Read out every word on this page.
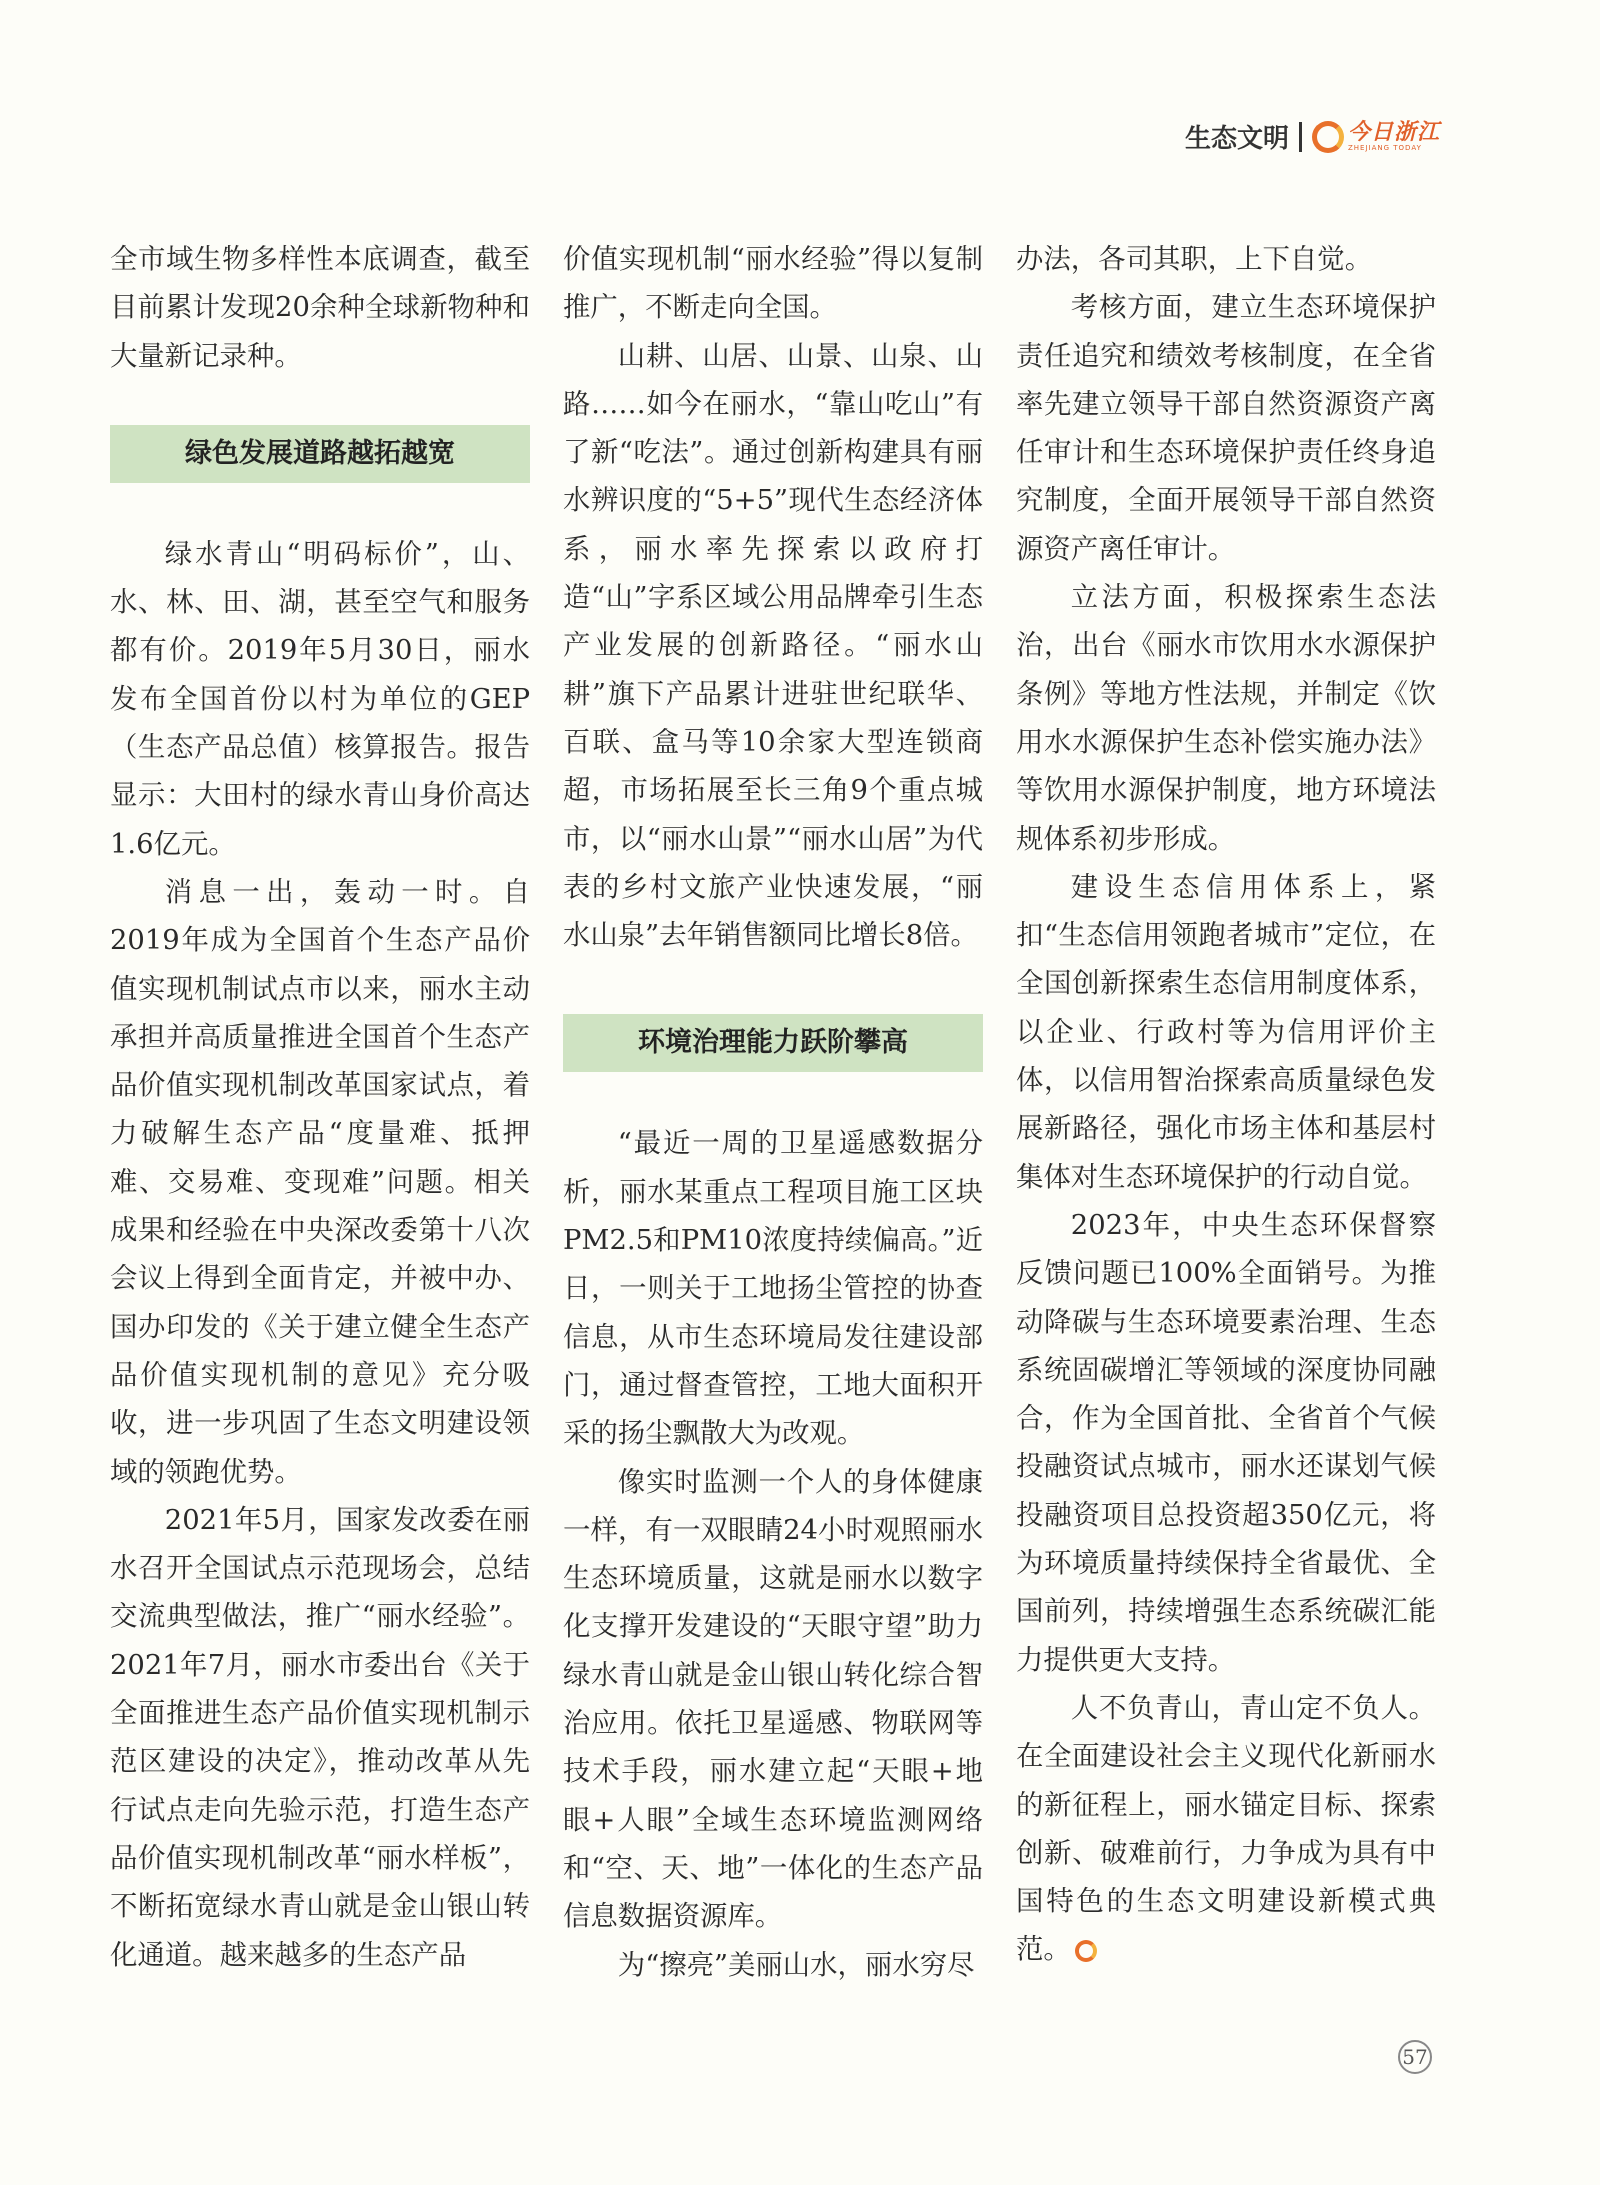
生态文明	今日浙江
ZHEJIANG TODAY

全市域生物多样性本底调查，截至目前累计发现20余种全球新物种和大量新记录种。

绿色发展道路越拓越宽

绿水青山“明码标价”，山、水、林、田、湖，甚至空气和服务都有价。2019年5月30日，丽水发布全国首份以村为单位的GEP（生态产品总值）核算报告。报告显示：大田村的绿水青山身价高达1.6亿元。

消息一出，轰动一时。自2019年成为全国首个生态产品价值实现机制试点市以来，丽水主动承担并高质量推进全国首个生态产品价值实现机制改革国家试点，着力破解生态产品“度量难、抵押难、交易难、变现难”问题。相关成果和经验在中央深改委第十八次会议上得到全面肯定，并被中办、国办印发的《关于建立健全生态产品价值实现机制的意见》充分吸收，进一步巩固了生态文明建设领域的领跑优势。

2021年5月，国家发改委在丽水召开全国试点示范现场会，总结交流典型做法，推广“丽水经验”。2021年7月，丽水市委出台《关于全面推进生态产品价值实现机制示范区建设的决定》，推动改革从先行试点走向先验示范，打造生态产品价值实现机制改革“丽水样板”，不断拓宽绿水青山就是金山银山转化通道。越来越多的生态产品

价值实现机制“丽水经验”得以复制推广，不断走向全国。

山耕、山居、山景、山泉、山路……如今在丽水，“靠山吃山”有了新“吃法”。通过创新构建具有丽水辨识度的“5+5”现代生态经济体系，丽水率先探索以政府打造“山”字系区域公用品牌牵引生态产业发展的创新路径。“丽水山耕”旗下产品累计进驻世纪联华、百联、盒马等10余家大型连锁商超，市场拓展至长三角9个重点城市，以“丽水山景”“丽水山居”为代表的乡村文旅产业快速发展，“丽水山泉”去年销售额同比增长8倍。

环境治理能力跃阶攀高

“最近一周的卫星遥感数据分析，丽水某重点工程项目施工区块PM2.5和PM10浓度持续偏高。”近日，一则关于工地扬尘管控的协查信息，从市生态环境局发往建设部门，通过督查管控，工地大面积开采的扬尘飘散大为改观。

像实时监测一个人的身体健康一样，有一双眼睛24小时观照丽水生态环境质量，这就是丽水以数字化支撑开发建设的“天眼守望”助力绿水青山就是金山银山转化综合智治应用。依托卫星遥感、物联网等技术手段，丽水建立起“天眼+地眼+人眼”全域生态环境监测网络和“空、天、地”一体化的生态产品信息数据资源库。

为“擦亮”美丽山水，丽水穷尽

办法，各司其职，上下自觉。

考核方面，建立生态环境保护责任追究和绩效考核制度，在全省率先建立领导干部自然资源资产离任审计和生态环境保护责任终身追究制度，全面开展领导干部自然资源资产离任审计。

立法方面，积极探索生态法治，出台《丽水市饮用水水源保护条例》等地方性法规，并制定《饮用水水源保护生态补偿实施办法》等饮用水源保护制度，地方环境法规体系初步形成。

建设生态信用体系上，紧扣“生态信用领跑者城市”定位，在全国创新探索生态信用制度体系，以企业、行政村等为信用评价主体，以信用智治探索高质量绿色发展新路径，强化市场主体和基层村集体对生态环境保护的行动自觉。

2023年，中央生态环保督察反馈问题已100%全面销号。为推动降碳与生态环境要素治理、生态系统固碳增汇等领域的深度协同融合，作为全国首批、全省首个气候投融资试点城市，丽水还谋划气候投融资项目总投资超350亿元，将为环境质量持续保持全省最优、全国前列，持续增强生态系统碳汇能力提供更大支持。

人不负青山，青山定不负人。在全面建设社会主义现代化新丽水的新征程上，丽水锚定目标、探索创新、破难前行，力争成为具有中国特色的生态文明建设新模式典范。

57
